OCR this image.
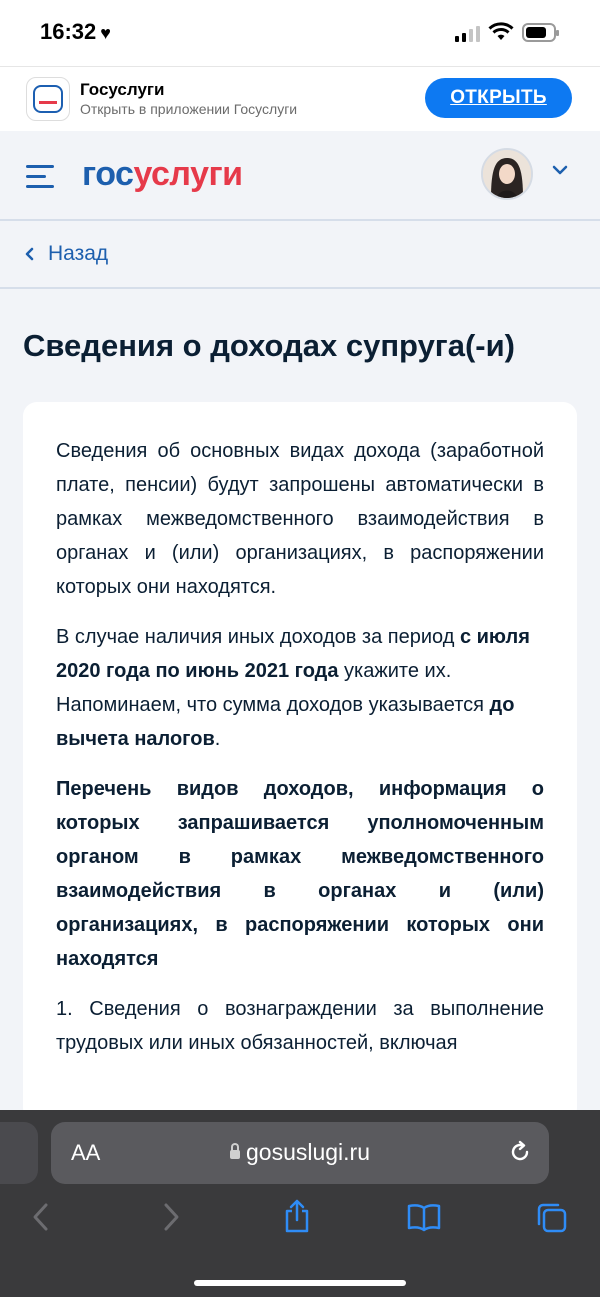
16:32 ♥
Госуслуги
Открыть в приложении Госуслуги
ОТКРЫТЬ
госуслуги
Назад
Сведения о доходах супруга(-и)

Сведения об основных видах дохода (заработной плате, пенсии) будут запрошены автоматически в рамках межведомственного взаимодействия в органах и (или) организациях, в распоряжении которых они находятся.

В случае наличия иных доходов за период с июля 2020 года по июнь 2021 года укажите их.

Напоминаем, что сумма доходов указывается до вычета налогов.

Перечень видов доходов, информация о которых запрашивается уполномоченным органом в рамках межведомственного взаимодействия в органах и (или) организациях, в распоряжении которых они находятся

1. Сведения о вознаграждении за выполнение трудовых или иных обязанностей, включая

AA	gosuslugi.ru
